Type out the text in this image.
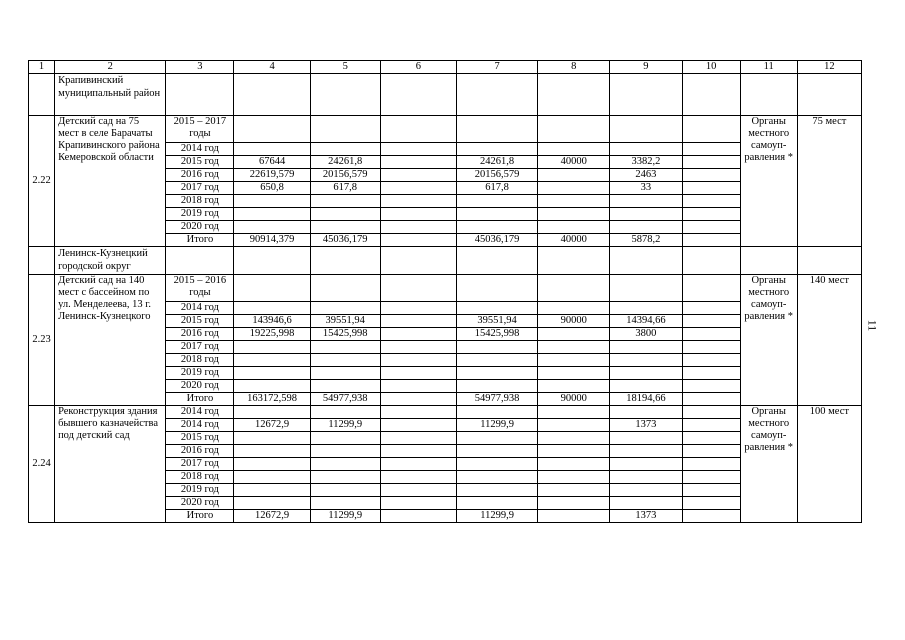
1	2	3	4	5	6	7	8	9	10	11	12
	Крапивинский муниципальный район										
2.22	Детский сад на 75 мест в селе Барачаты Крапивинского района Кемеровской области	2015 – 2017 годы								Органы местного самоуп-равления *	75 мест
		2014 год									
		2015 год	67644	24261,8		24261,8	40000	3382,2			
		2016 год	22619,579	20156,579		20156,579		2463			
		2017 год	650,8	617,8		617,8		33			
		2018 год									
		2019 год									
		2020 год									
		Итого	90914,379	45036,179		45036,179	40000	5878,2			
	Ленинск-Кузнецкий городской округ										
2.23	Детский сад на 140 мест с бассейном по ул. Менделеева, 13 г. Ленинск-Кузнецкого	2015 – 2016 годы								Органы местного самоуп-равления *	140 мест
		2014 год									
		2015 год	143946,6	39551,94		39551,94	90000	14394,66			
		2016 год	19225,998	15425,998		15425,998		3800			
		2017 год									
		2018 год									
		2019 год									
		2020 год									
		Итого	163172,598	54977,938		54977,938	90000	18194,66			
2.24	Реконструкция здания бывшего казначейства под детский сад	2014 год								Органы местного самоуп-равления *	100 мест
		2014 год	12672,9	11299,9		11299,9		1373			
		2015 год									
		2016 год									
		2017 год									
		2018 год									
		2019 год									
		2020 год									
		Итого	12672,9	11299,9		11299,9		1373			
11
